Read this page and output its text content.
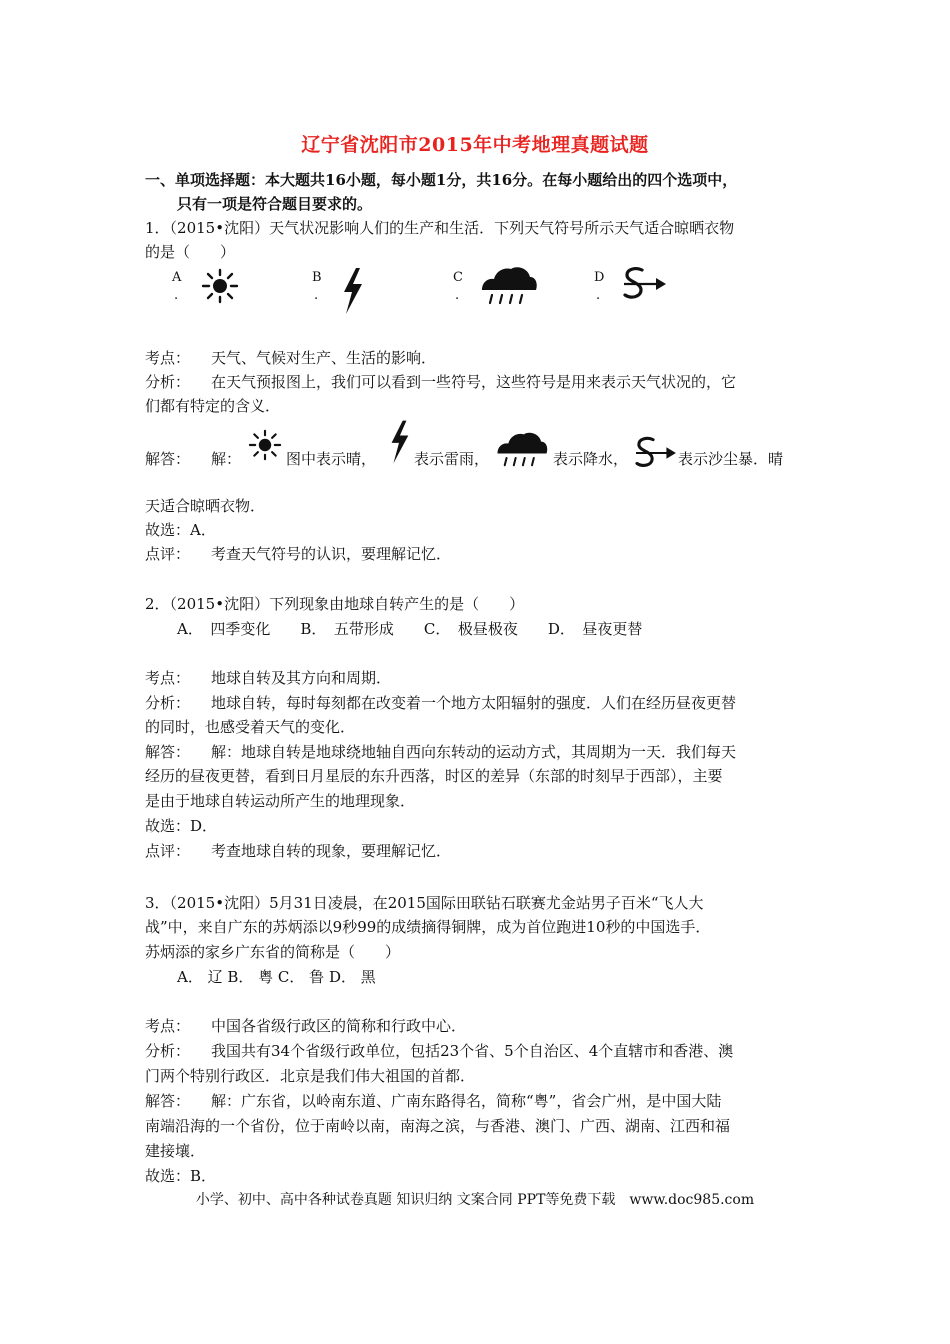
辽宁省沈阳市2015年中考地理真题试题
一、单项选择题：本大题共16小题，每小题1分，共16分。在每小题给出的四个选项中，
只有一项是符合题目要求的。
1．（2015•沈阳）天气状况影响人们的生产和生活．下列天气符号所示天气适合晾晒衣物
的是（　　）
A
.
B
.
C
.
D
.
考点： 天气、气候对生产、生活的影响．
分析： 在天气预报图上，我们可以看到一些符号，这些符号是用来表示天气状况的，它
们都有特定的含义．
解答： 解：	图中表示晴，	表示雷雨，	表示降水，	表示沙尘暴．晴
天适合晾晒衣物．
故选：A．
点评： 考查天气符号的认识，要理解记忆．
2．（2015•沈阳）下列现象由地球自转产生的是（　　）
A．　四季变化　　B．　五带形成　　C．　极昼极夜　　D．　昼夜更替
考点： 地球自转及其方向和周期．
分析： 地球自转，每时每刻都在改变着一个地方太阳辐射的强度．人们在经历昼夜更替
的同时，也感受着天气的变化．
解答： 解：地球自转是地球绕地轴自西向东转动的运动方式，其周期为一天．我们每天
经历的昼夜更替，看到日月星辰的东升西落，时区的差异（东部的时刻早于西部），主要
是由于地球自转运动所产生的地理现象．
故选：D．
点评： 考查地球自转的现象，要理解记忆．
3．（2015•沈阳）5月31日凌晨，在2015国际田联钻石联赛尤金站男子百米“飞人大
战”中，来自广东的苏炳添以9秒99的成绩摘得铜牌，成为首位跑进10秒的中国选手．
苏炳添的家乡广东省的简称是（　　）
A． 辽 B． 粤 C． 鲁 D． 黑
考点： 中国各省级行政区的简称和行政中心．
分析： 我国共有34个省级行政单位，包括23个省、5个自治区、4个直辖市和香港、澳
门两个特别行政区．北京是我们伟大祖国的首都．
解答： 解：广东省，以岭南东道、广南东路得名，简称“粤”，省会广州，是中国大陆
南端沿海的一个省份，位于南岭以南，南海之滨，与香港、澳门、广西、湖南、江西和福
建接壤．
故选：B．
小学、初中、高中各种试卷真题 知识归纳 文案合同 PPT等免费下载　www.doc985.com
